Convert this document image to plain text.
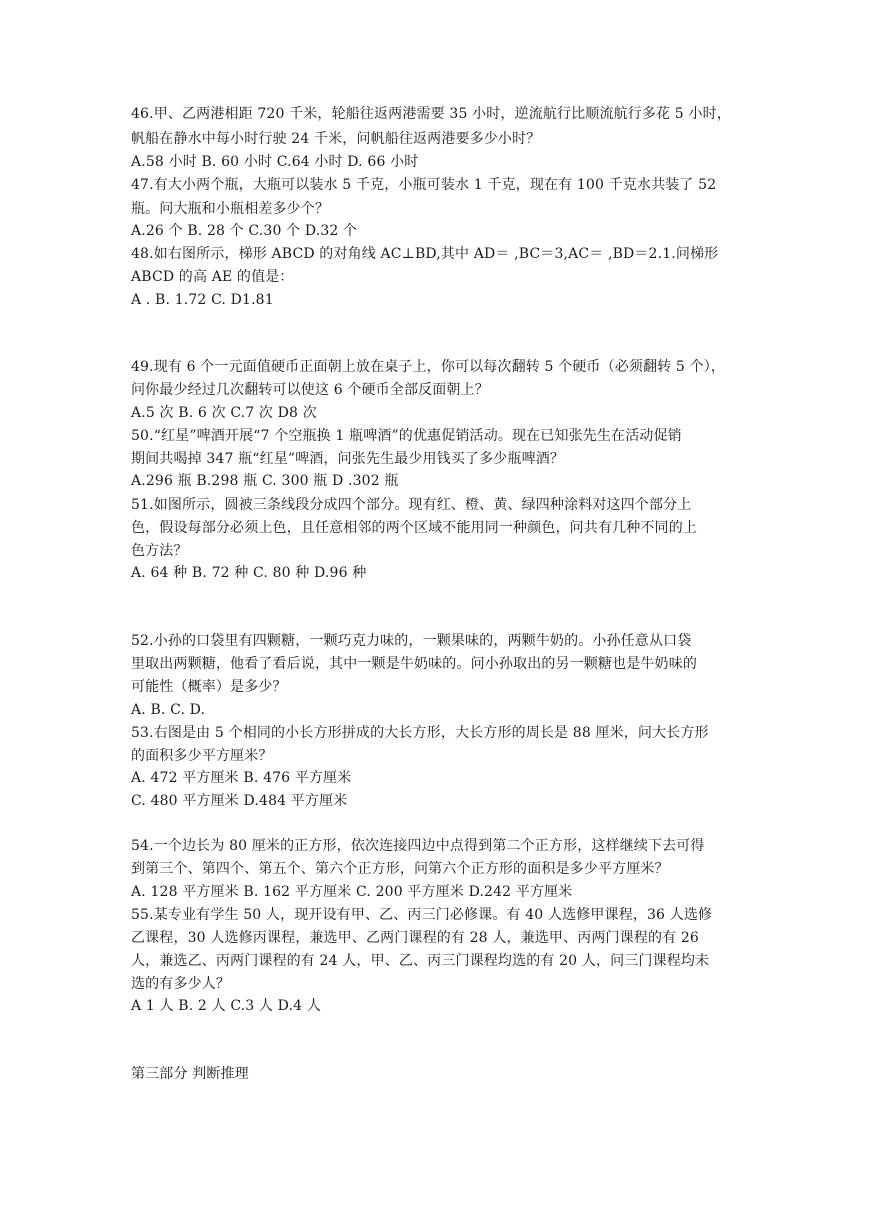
46.甲、乙两港相距 720 千米，轮船往返两港需要 35 小时，逆流航行比顺流航行多花 5 小时，
帆船在静水中每小时行驶 24 千米，问帆船往返两港要多少小时？
A.58 小时 B. 60 小时 C.64 小时 D. 66 小时
47.有大小两个瓶，大瓶可以装水 5 千克，小瓶可装水 1 千克，现在有 100 千克水共装了 52
瓶。问大瓶和小瓶相差多少个？
A.26 个 B. 28 个 C.30 个 D.32 个
48.如右图所示，梯形 ABCD 的对角线 AC⊥BD,其中 AD＝ ,BC＝3,AC＝ ,BD＝2.1.问梯形
ABCD 的高 AE 的值是：
A . B. 1.72 C. D1.81
49.现有 6 个一元面值硬币正面朝上放在桌子上，你可以每次翻转 5 个硬币（必须翻转 5 个），
问你最少经过几次翻转可以使这 6 个硬币全部反面朝上？
A.5 次 B. 6 次 C.7 次 D8 次
50.“红星”啤酒开展“7 个空瓶换 1 瓶啤酒”的优惠促销活动。现在已知张先生在活动促销
期间共喝掉 347 瓶“红星”啤酒，问张先生最少用钱买了多少瓶啤酒？
A.296 瓶 B.298 瓶 C. 300 瓶 D .302 瓶
51.如图所示，圆被三条线段分成四个部分。现有红、橙、黄、绿四种涂料对这四个部分上
色，假设每部分必须上色，且任意相邻的两个区域不能用同一种颜色，问共有几种不同的上
色方法？
A. 64 种 B. 72 种 C. 80 种 D.96 种
52.小孙的口袋里有四颗糖，一颗巧克力味的，一颗果味的，两颗牛奶的。小孙任意从口袋
里取出两颗糖，他看了看后说，其中一颗是牛奶味的。问小孙取出的另一颗糖也是牛奶味的
可能性（概率）是多少？
A. B. C. D.
53.右图是由 5 个相同的小长方形拼成的大长方形，大长方形的周长是 88 厘米，问大长方形
的面积多少平方厘米？
A. 472 平方厘米 B. 476 平方厘米
C. 480 平方厘米 D.484 平方厘米
54.一个边长为 80 厘米的正方形，依次连接四边中点得到第二个正方形，这样继续下去可得
到第三个、第四个、第五个、第六个正方形，问第六个正方形的面积是多少平方厘米？
A. 128 平方厘米 B. 162 平方厘米 C. 200 平方厘米 D.242 平方厘米
55.某专业有学生 50 人，现开设有甲、乙、丙三门必修课。有 40 人选修甲课程，36 人选修
乙课程，30 人选修丙课程，兼选甲、乙两门课程的有 28 人，兼选甲、丙两门课程的有 26
人，兼选乙、丙两门课程的有 24 人，甲、乙、丙三门课程均选的有 20 人，问三门课程均未
选的有多少人？
A 1 人 B. 2 人 C.3 人 D.4 人
第三部分 判断推理
